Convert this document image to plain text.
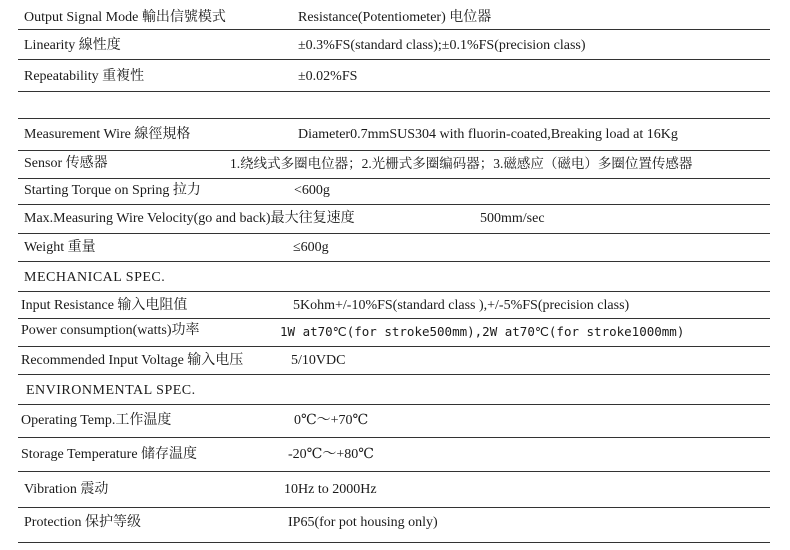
Output Signal Mode 輸出信號模式	Resistance(Potentiometer) 电位器
Linearity 線性度	±0.3%FS(standard class);±0.1%FS(precision class)
Repeatability 重複性	±0.02%FS
Measurement Wire 線徑規格	Diameter0.7mmSUS304 with fluorin-coated,Breaking load at 16Kg
Sensor 传感器	1.绕线式多圈电位器；2.光栅式多圈编码器；3.磁感应（磁电）多圈位置传感器
Starting Torque on Spring 拉力	<600g
Max.Measuring Wire Velocity(go and back)最大往复速度	500mm/sec
Weight 重量	≤600g
MECHANICAL SPEC.
Input Resistance 输入电阻值	5Kohm+/-10%FS(standard class ),+/-5%FS(precision class)
Power consumption(watts)功率	1W at70℃(for stroke500mm),2W at70℃(for stroke1000mm)
Recommended Input Voltage 输入电压	5/10VDC
ENVIRONMENTAL SPEC.
Operating Temp.工作温度	0℃～+70℃
Storage Temperature 储存温度	-20℃～+80℃
Vibration 震动	10Hz to 2000Hz
Protection 保护等级	IP65(for pot housing only)
